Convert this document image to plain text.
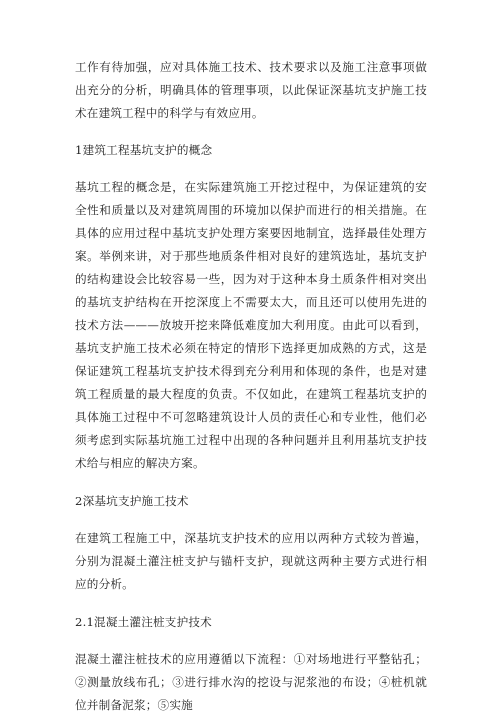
工作有待加强，应对具体施工技术、技术要求以及施工注意事项做出充分的分析，明确具体的管理事项，以此保证深基坑支护施工技术在建筑工程中的科学与有效应用。

1建筑工程基坑支护的概念

基坑工程的概念是，在实际建筑施工开挖过程中，为保证建筑的安全性和质量以及对建筑周围的环境加以保护而进行的相关措施。在具体的应用过程中基坑支护处理方案要因地制宜，选择最佳处理方案。举例来讲，对于那些地质条件相对良好的建筑选址，基坑支护的结构建设会比较容易一些，因为对于这种本身土质条件相对突出的基坑支护结构在开挖深度上不需要太大，而且还可以使用先进的技术方法———放坡开挖来降低难度加大利用度。由此可以看到，基坑支护施工技术必须在特定的情形下选择更加成熟的方式，这是保证建筑工程基坑支护技术得到充分利用和体现的条件，也是对建筑工程质量的最大程度的负责。不仅如此，在建筑工程基坑支护的具体施工过程中不可忽略建筑设计人员的责任心和专业性，他们必须考虑到实际基坑施工过程中出现的各种问题并且利用基坑支护技术给与相应的解决方案。

2深基坑支护施工技术

在建筑工程施工中，深基坑支护技术的应用以两种方式较为普遍，分别为混凝土灌注桩支护与锚杆支护，现就这两种主要方式进行相应的分析。

2.1混凝土灌注桩支护技术

混凝土灌注桩技术的应用遵循以下流程：①对场地进行平整钻孔；②测量放线布孔；③进行排水沟的挖设与泥浆池的布设；④桩机就位并制备泥浆；⑤实施
